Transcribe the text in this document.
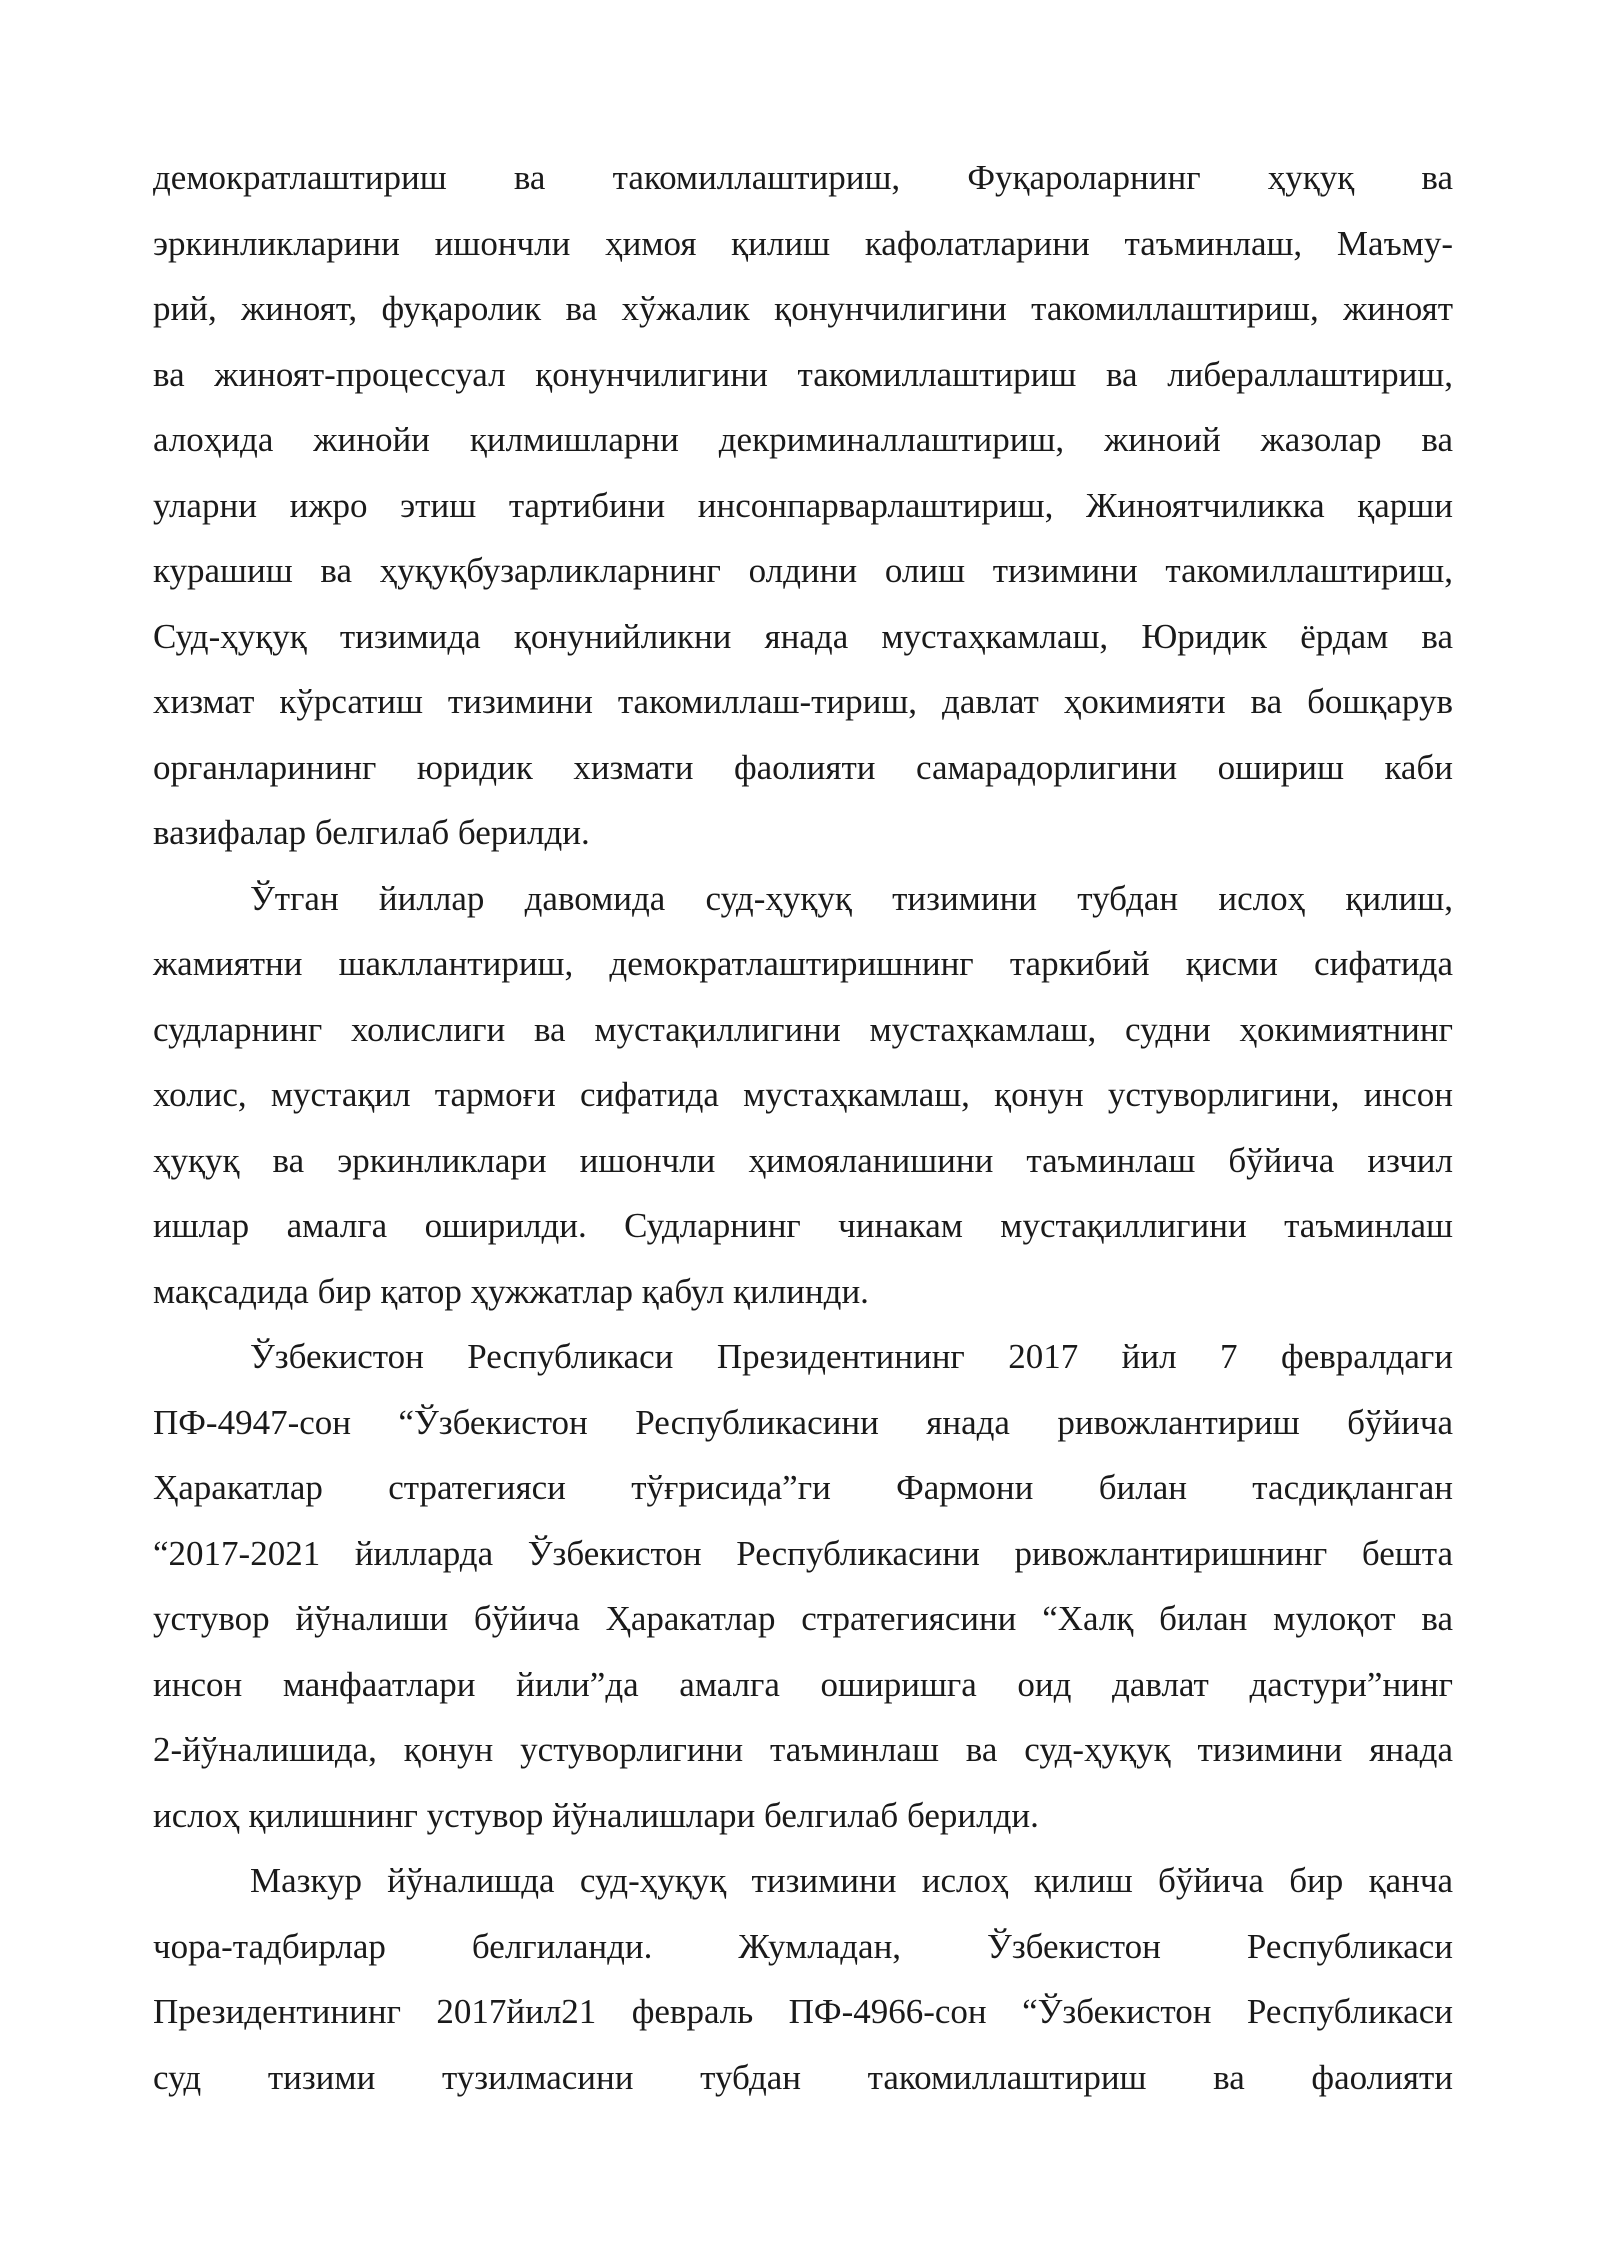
демократлаштириш ва такомиллаштириш, Фуқароларнинг ҳуқуқ ва
эркинликларини ишончли ҳимоя қилиш кафолатларини таъминлаш, Маъму-
рий, жиноят, фуқаролик ва хўжалик қонунчилигини такомиллаштириш, жиноят
ва жиноят-процессуал қонунчилигини такомиллаштириш ва либераллаштириш,
алоҳида жинойи қилмишларни декриминаллаштириш, жиноий жазолар ва
уларни ижро этиш тартибини инсонпарварлаштириш, Жиноятчиликка қарши
курашиш ва ҳуқуқбузарликларнинг олдини олиш тизимини такомиллаштириш,
Суд-ҳуқуқ тизимида қонунийликни янада мустаҳкамлаш, Юридик ёрдам ва
хизмат кўрсатиш тизимини такомиллаш-тириш, давлат ҳокимияти ва бошқарув
органларининг юридик хизмати фаолияти самарадорлигини ошириш каби
вазифалар белгилаб берилди.
Ўтган йиллар давомида суд-ҳуқуқ тизимини тубдан ислоҳ қилиш,
жамиятни шакллантириш, демократлаштиришнинг таркибий қисми сифатида
судларнинг холислиги ва мустақиллигини мустаҳкамлаш, судни ҳокимиятнинг
холис, мустақил тармоғи сифатида мустаҳкамлаш, қонун устуворлигини, инсон
ҳуқуқ ва эркинликлари ишончли ҳимояланишини таъминлаш бўйича изчил
ишлар амалга оширилди. Судларнинг чинакам мустақиллигини таъминлаш
мақсадида бир қатор ҳужжатлар қабул қилинди.
Ўзбекистон Республикаси Президентининг 2017 йил 7 февралдаги
ПФ-4947-сон “Ўзбекистон Республикасини янада ривожлантириш бўйича
Ҳаракатлар стратегияси тўғрисида”ги Фармони билан тасдиқланган
“2017-2021 йилларда Ўзбекистон Республикасини ривожлантиришнинг бешта
устувор йўналиши бўйича Ҳаракатлар стратегиясини “Халқ билан мулоқот ва
инсон манфаатлари йили”да амалга оширишга оид давлат дастури”нинг
2-йўналишида, қонун устуворлигини таъминлаш ва суд-ҳуқуқ тизимини янада
ислоҳ қилишнинг устувор йўналишлари белгилаб берилди.
Мазкур йўналишда суд-ҳуқуқ тизимини ислоҳ қилиш бўйича бир қанча
чора-тадбирлар белгиланди. Жумладан, Ўзбекистон Республикаси
Президентининг 2017йил21 февраль ПФ-4966-сон “Ўзбекистон Республикаси
суд тизими тузилмасини тубдан такомиллаштириш ва фаолияти
